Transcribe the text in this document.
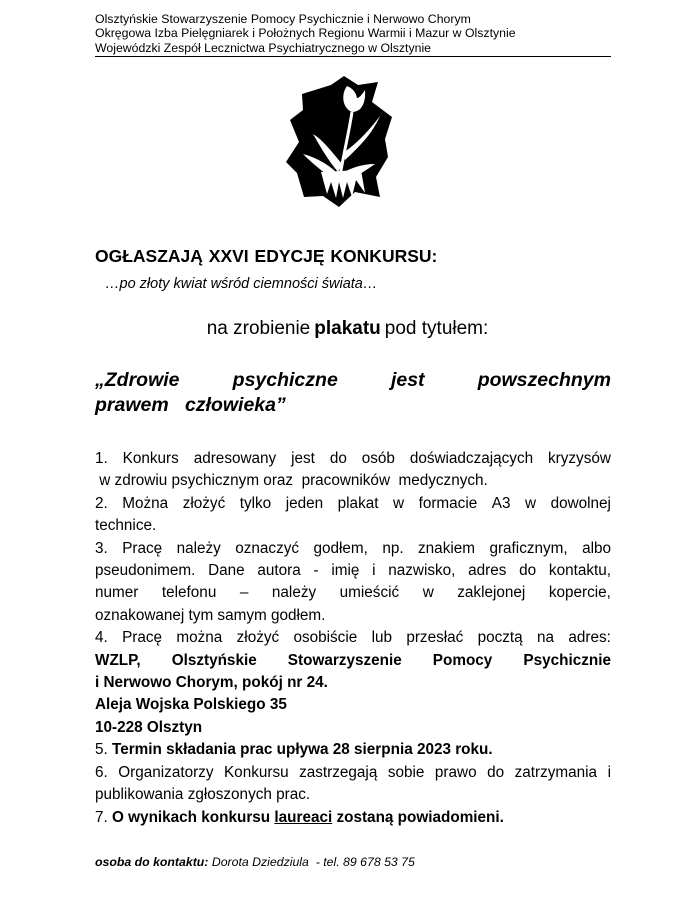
Olsztyńskie Stowarzyszenie Pomocy Psychicznie i Nerwowo Chorym
Okręgowa Izba Pielęgniarek i Położnych Regionu Warmii i Mazur w Olsztynie
Wojewódzki Zespół Lecznictwa Psychiatrycznego w Olsztynie
OGŁASZAJĄ XXVI EDYCJĘ KONKURSU:
…po złoty kwiat wśród ciemności świata…
na zrobienie plakatu pod tytułem:
„Zdrowie	psychiczne	jest	powszechnym
prawem   człowieka”
1. Konkurs adresowany jest do osób doświadczających kryzysów
w zdrowiu psychicznym oraz  pracowników  medycznych.
2. Można złożyć tylko jeden plakat w formacie A3 w dowolnej
technice.
3. Pracę należy oznaczyć godłem, np. znakiem graficznym, albo
pseudonimem. Dane autora - imię i nazwisko, adres do kontaktu,
numer telefonu – należy umieścić w zaklejonej kopercie,
oznakowanej tym samym godłem.
4. Pracę można złożyć osobiście lub przesłać pocztą na adres:
WZLP, Olsztyńskie Stowarzyszenie Pomocy Psychicznie
i Nerwowo Chorym, pokój nr 24.
Aleja Wojska Polskiego 35
10-228 Olsztyn
5. Termin składania prac upływa 28 sierpnia 2023 roku.
6. Organizatorzy Konkursu zastrzegają sobie prawo do zatrzymania i
publikowania zgłoszonych prac.
7. O wynikach konkursu laureaci zostaną powiadomieni.
osoba do kontaktu: Dorota Dziedziula  - tel. 89 678 53 75
